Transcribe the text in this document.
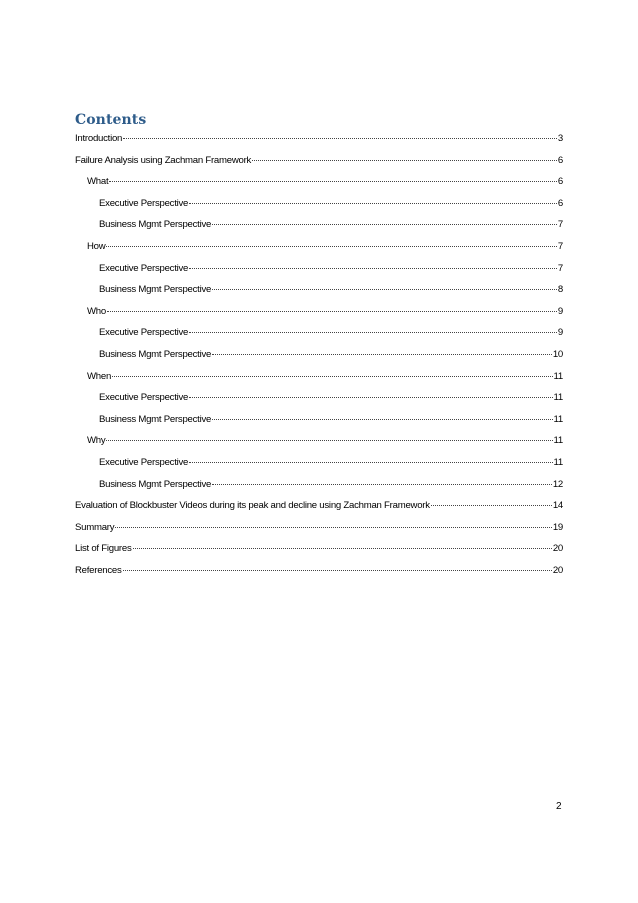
Contents
Introduction	3
Failure Analysis using Zachman Framework	6
What	6
Executive Perspective	6
Business Mgmt Perspective	7
How	7
Executive Perspective	7
Business Mgmt Perspective	8
Who	9
Executive Perspective	9
Business Mgmt Perspective	10
When	11
Executive Perspective	11
Business Mgmt Perspective	11
Why	11
Executive Perspective	11
Business Mgmt Perspective	12
Evaluation of Blockbuster Videos during its peak and decline using Zachman Framework	14
Summary	19
List of Figures	20
References	20
2
